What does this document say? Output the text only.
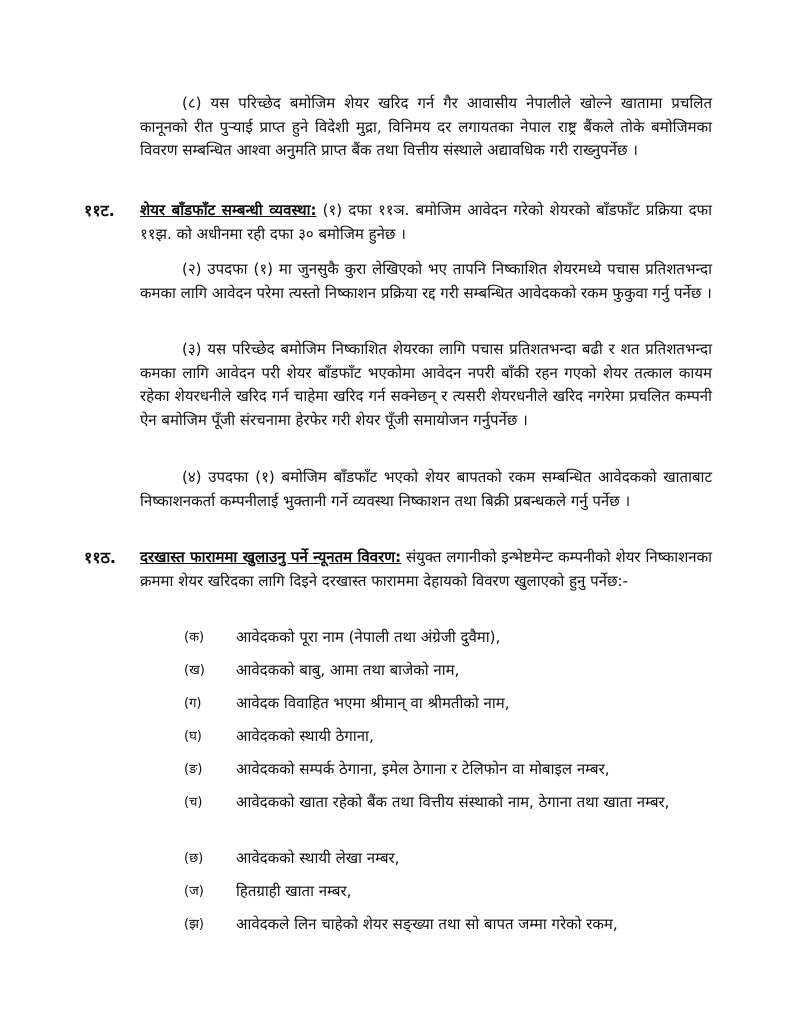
(८) यस परिच्छेद बमोजिम शेयर खरिद गर्न गैर आवासीय नेपालीले खोल्ने खातामा प्रचलित कानूनको रीत पुऱ्याई प्राप्त हुने विदेशी मुद्रा, विनिमय दर लगायतका नेपाल राष्ट्र बैंकले तोके बमोजिमका विवरण सम्बन्धित आश्वा अनुमति प्राप्त बैंक तथा वित्तीय संस्थाले अद्यावधिक गरी राख्नुपर्नेछ ।

११ट. शेयर बाँडफाँट सम्बन्धी व्यवस्था: (१) दफा ११ञ. बमोजिम आवेदन गरेको शेयरको बाँडफाँट प्रक्रिया दफा ११झ. को अधीनमा रही दफा ३० बमोजिम हुनेछ ।

(२) उपदफा (१) मा जुनसुकै कुरा लेखिएको भए तापनि निष्काशित शेयरमध्ये पचास प्रतिशतभन्दा कमका लागि आवेदन परेमा त्यस्तो निष्काशन प्रक्रिया रद्द गरी सम्बन्धित आवेदकको रकम फुकुवा गर्नु पर्नेछ ।

(३) यस परिच्छेद बमोजिम निष्काशित शेयरका लागि पचास प्रतिशतभन्दा बढी र शत प्रतिशतभन्दा कमका लागि आवेदन परी शेयर बाँडफाँट भएकोमा आवेदन नपरी बाँकी रहन गएको शेयर तत्काल कायम रहेका शेयरधनीले खरिद गर्न चाहेमा खरिद गर्न सक्नेछन् र त्यसरी शेयरधनीले खरिद नगरेमा प्रचलित कम्पनी ऐन बमोजिम पूँजी संरचनामा हेरफेर गरी शेयर पूँजी समायोजन गर्नुपर्नेछ ।

(४) उपदफा (१) बमोजिम बाँडफाँट भएको शेयर बापतको रकम सम्बन्धित आवेदकको खाताबाट निष्काशनकर्ता कम्पनीलाई भुक्तानी गर्ने व्यवस्था निष्काशन तथा बिक्री प्रबन्धकले गर्नु पर्नेछ ।

११ठ. दरखास्त फाराममा खुलाउनु पर्ने न्यूनतम विवरण: संयुक्त लगानीको इन्भेष्टमेन्ट कम्पनीको शेयर निष्काशनका क्रममा शेयर खरिदका लागि दिइने दरखास्त फाराममा देहायको विवरण खुलाएको हुनु पर्नेछ:-

(क) आवेदकको पूरा नाम (नेपाली तथा अंग्रेजी दुवैमा),
(ख) आवेदकको बाबु, आमा तथा बाजेको नाम,
(ग) आवेदक विवाहित भएमा श्रीमान् वा श्रीमतीको नाम,
(घ) आवेदकको स्थायी ठेगाना,
(ङ) आवेदकको सम्पर्क ठेगाना, इमेल ठेगाना र टेलिफोन वा मोबाइल नम्बर,
(च) आवेदकको खाता रहेको बैंक तथा वित्तीय संस्थाको नाम, ठेगाना तथा खाता नम्बर,
(छ) आवेदकको स्थायी लेखा नम्बर,
(ज) हितग्राही खाता नम्बर,
(झ) आवेदकले लिन चाहेको शेयर सङ्ख्या तथा सो बापत जम्मा गरेको रकम,
